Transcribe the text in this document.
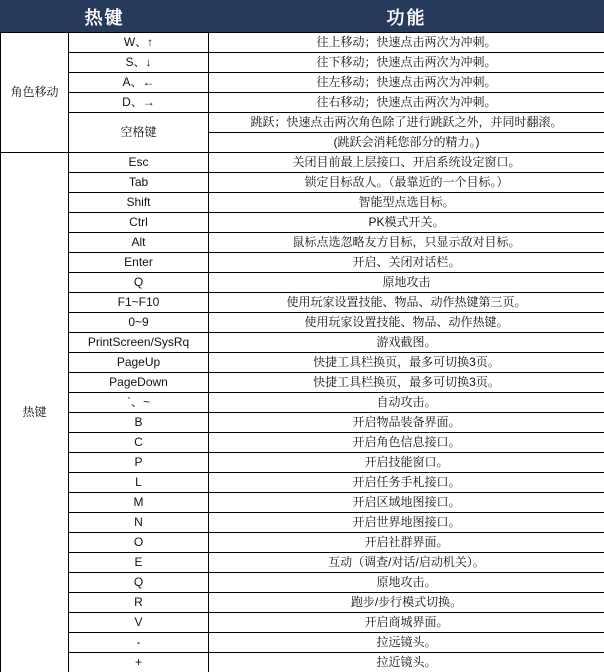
热键		功能
角色移动	W、↑	往上移动；快速点击两次为冲刺。
	S、↓	往下移动；快速点击两次为冲刺。
	A、←	往左移动；快速点击两次为冲刺。
	D、→	往右移动；快速点击两次为冲刺。
	空格键	跳跃；快速点击两次角色除了进行跳跃之外，并同时翻滚。
		(跳跃会消耗您部分的精力。)
热键	Esc	关闭目前最上层接口、开启系统设定窗口。
	Tab	锁定目标敌人。（最靠近的一个目标。）
	Shift	智能型点选目标。
	Ctrl	PK模式开关。
	Alt	鼠标点选忽略友方目标，只显示敌对目标。
	Enter	开启、关闭对话栏。
	Q	原地攻击
	F1~F10	使用玩家设置技能、物品、动作热键第三页。
	0~9	使用玩家设置技能、物品、动作热键。
	PrintScreen/SysRq	游戏截图。
	PageUp	快捷工具栏换页，最多可切换3页。
	PageDown	快捷工具栏换页，最多可切换3页。
	`、~	自动攻击。
	B	开启物品装备界面。
	C	开启角色信息接口。
	P	开启技能窗口。
	L	开启任务手札接口。
	M	开启区域地图接口。
	N	开启世界地图接口。
	O	开启社群界面。
	E	互动（调查/对话/启动机关）。
	Q	原地攻击。
	R	跑步/步行模式切换。
	V	开启商城界面。
	-	拉远镜头。
	+	拉近镜头。
